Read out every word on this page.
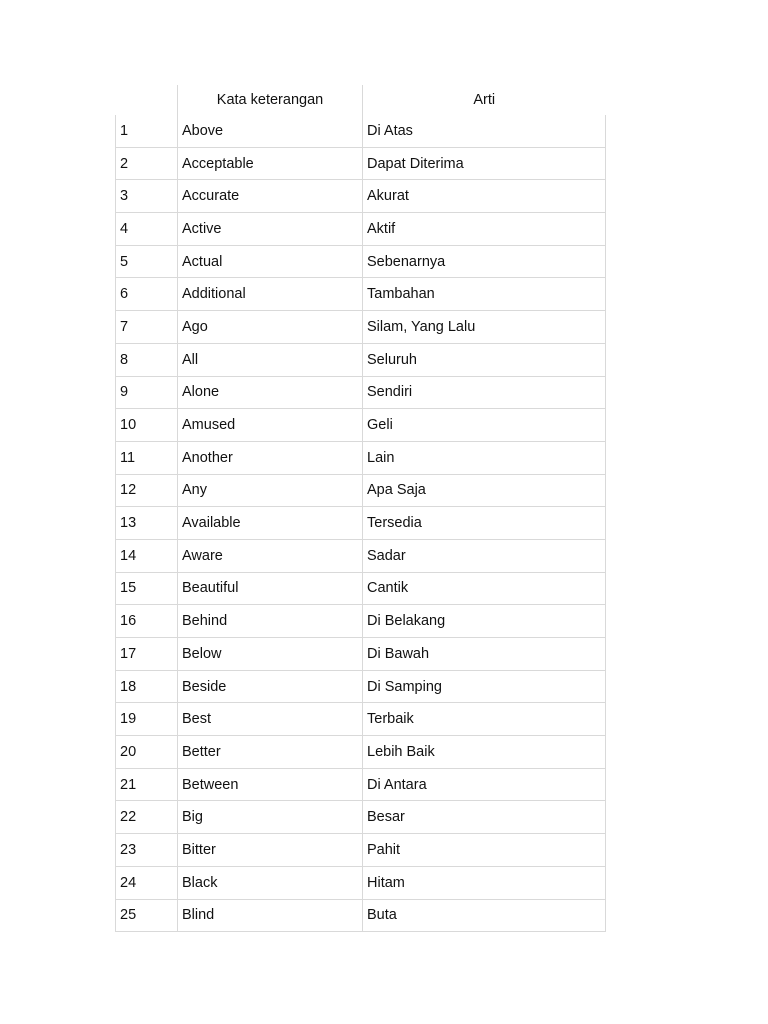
	Kata keterangan	Arti
1	Above	Di Atas
2	Acceptable	Dapat Diterima
3	Accurate	Akurat
4	Active	Aktif
5	Actual	Sebenarnya
6	Additional	Tambahan
7	Ago	Silam, Yang Lalu
8	All	Seluruh
9	Alone	Sendiri
10	Amused	Geli
11	Another	Lain
12	Any	Apa Saja
13	Available	Tersedia
14	Aware	Sadar
15	Beautiful	Cantik
16	Behind	Di Belakang
17	Below	Di Bawah
18	Beside	Di Samping
19	Best	Terbaik
20	Better	Lebih Baik
21	Between	Di Antara
22	Big	Besar
23	Bitter	Pahit
24	Black	Hitam
25	Blind	Buta
